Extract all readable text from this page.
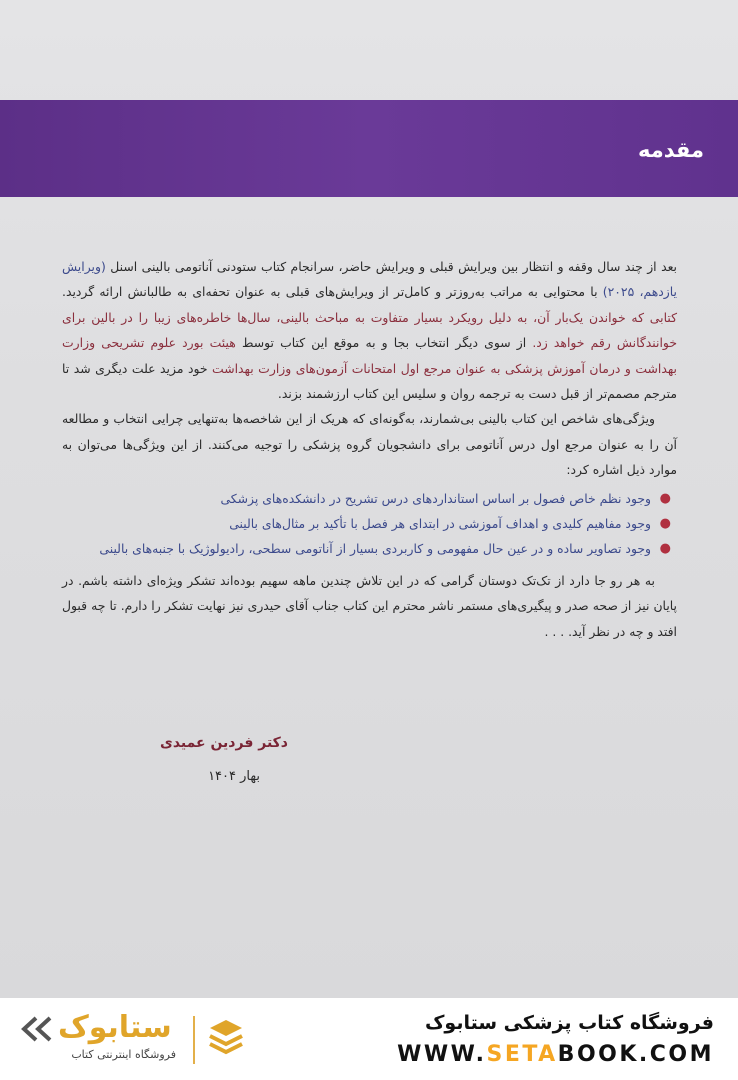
مقدمه

بعد از چند سال وقفه و انتظار بین ویرایش قبلی و ویرایش حاضر، سرانجام کتاب ستودنی آناتومی بالینی اسنل (ویرایش یازدهم، ۲۰۲۵) با محتوایی به مراتب به‌روزتر و کامل‌تر از ویرایش‌های قبلی به عنوان تحفه‌ای به طالبانش ارائه گردید. کتابی که خواندن یک‌بار آن، به دلیل رویکرد بسیار متفاوت به مباحث بالینی، سال‌ها خاطره‌های زیبا را در بالین برای خوانندگانش رقم خواهد زد. از سوی دیگر انتخاب بجا و به موقع این کتاب توسط هیئت بورد علوم تشریحی وزارت بهداشت و درمان آموزش پزشکی به عنوان مرجع اول امتحانات آزمون‌های وزارت بهداشت خود مزید علت دیگری شد تا مترجم مصمم‌تر از قبل دست به ترجمه روان و سلیس این کتاب ارزشمند بزند.

ویژگی‌های شاخص این کتاب بالینی بی‌شمارند، به‌گونه‌ای که هریک از این شاخصه‌ها به‌تنهایی چرایی انتخاب و مطالعه آن را به عنوان مرجع اول درس آناتومی برای دانشجویان گروه پزشکی را توجیه می‌کنند. از این ویژگی‌ها می‌توان به موارد ذیل اشاره کرد:

●
وجود نظم خاص فصول بر اساس استانداردهای درس تشریح در دانشکده‌های پزشکی
●
وجود مفاهیم کلیدی و اهداف آموزشی در ابتدای هر فصل با تأکید بر مثال‌های بالینی
●
وجود تصاویر ساده و در عین حال مفهومی و کاربردی بسیار از آناتومی سطحی، رادیولوژیک با جنبه‌های بالینی

به هر رو جا دارد از تک‌تک دوستان گرامی که در این تلاش چندین ماهه سهیم بوده‌اند تشکر ویژه‌ای داشته باشم. در پایان نیز از صحه صدر و پیگیری‌های مستمر ناشر محترم این کتاب جناب آقای حیدری نیز نهایت تشکر را دارم. تا چه قبول افتد و چه در نظر آید. . . .

دکتر فردین عمیدی
بهار ۱۴۰۴
ستابوک
فروشگاه اینترنتی کتاب
فروشگاه کتاب پزشکی ستابوک
WWW.SETABOOK.COM
